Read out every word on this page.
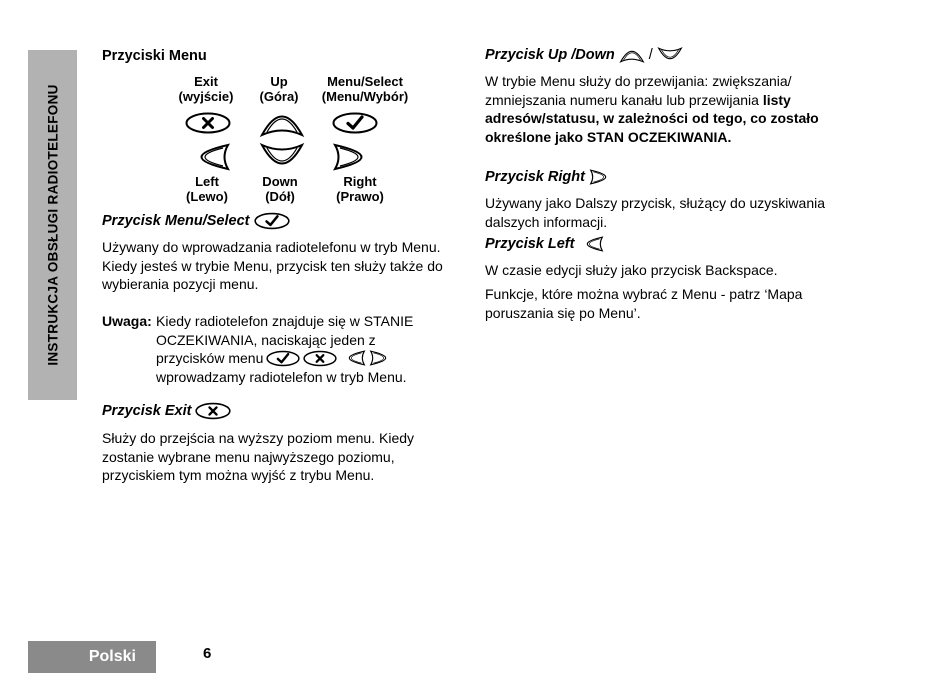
INSTRUKCJA OBSŁUGI RADIOTELEFONU
Przyciski Menu
Exit
(wyjście)
Up
(Góra)
Menu/Select
(Menu/Wybór)
Left
(Lewo)
Down
(Dół)
Right
(Prawo)
Przycisk Menu/Select
Używany do wprowadzania radiotelefonu w tryb Menu. Kiedy jesteś w trybie Menu, przycisk ten służy także do wybierania pozycji menu.
Uwaga: Kiedy radiotelefon znajduje się w STANIE
OCZEKIWANIA, naciskając jeden z
przycisków menu
wprowadzamy radiotelefon w tryb Menu.
Przycisk Exit
Służy do przejścia na wyższy poziom menu. Kiedy zostanie wybrane menu najwyższego poziomu, przyciskiem tym można wyjść z trybu Menu.
Przycisk Up /Down /
W trybie Menu służy do przewijania: zwiększania/ zmniejszania numeru kanału lub przewijania listy adresów/statusu, w zależności od tego, co zostało określone jako STAN OCZEKIWANIA.
Przycisk Right
Używany jako Dalszy przycisk, służący do uzyskiwania dalszych informacji.
Przycisk Left
W czasie edycji służy jako przycisk Backspace.
Funkcje, które można wybrać z Menu - patrz ‘Mapa poruszania się po Menu’.
Polski	6
